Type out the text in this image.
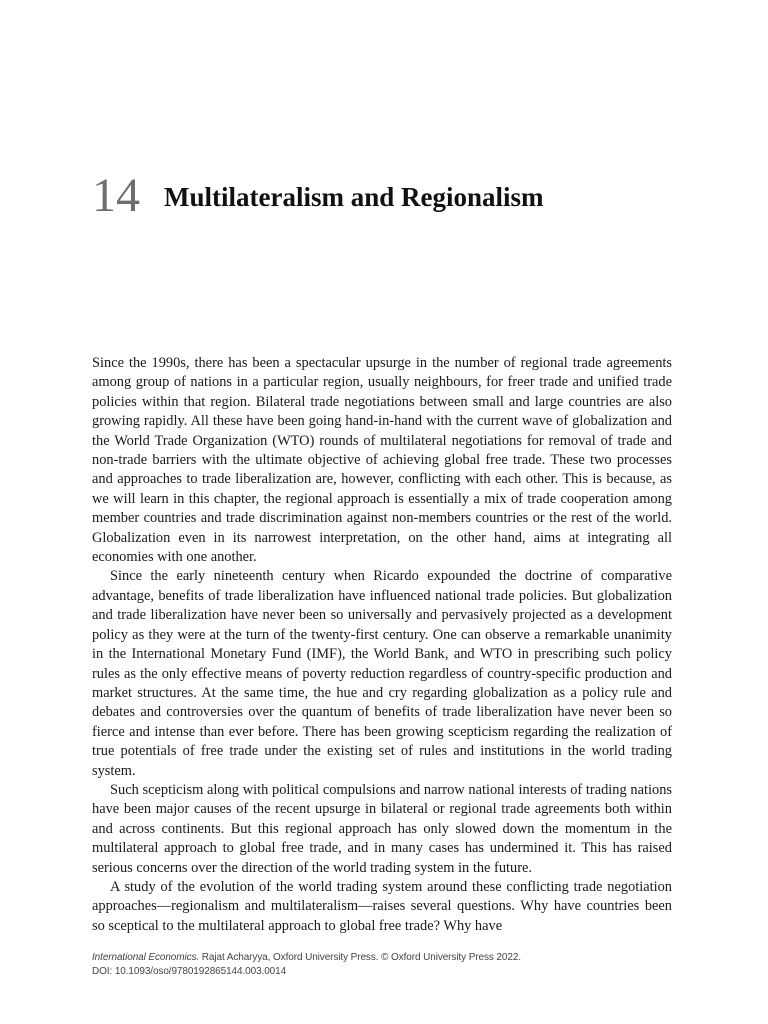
14 Multilateralism and Regionalism

Since the 1990s, there has been a spectacular upsurge in the number of regional trade agreements among group of nations in a particular region, usually neighbours, for freer trade and unified trade policies within that region. Bilateral trade negotiations between small and large countries are also growing rapidly. All these have been going hand-in-hand with the current wave of globalization and the World Trade Organization (WTO) rounds of multilateral negotiations for removal of trade and non-trade barriers with the ultimate objective of achieving global free trade. These two processes and approaches to trade liberalization are, however, conflicting with each other. This is because, as we will learn in this chapter, the regional approach is essentially a mix of trade cooperation among member countries and trade discrimination against non-members countries or the rest of the world. Globalization even in its narrowest interpretation, on the other hand, aims at integrating all economies with one another.

Since the early nineteenth century when Ricardo expounded the doctrine of comparative advantage, benefits of trade liberalization have influenced national trade policies. But globalization and trade liberalization have never been so universally and pervasively projected as a development policy as they were at the turn of the twenty-first century. One can observe a remarkable unanimity in the International Monetary Fund (IMF), the World Bank, and WTO in prescribing such policy rules as the only effective means of poverty reduction regardless of country-specific production and market structures. At the same time, the hue and cry regarding globalization as a policy rule and debates and controversies over the quantum of benefits of trade liberalization have never been so fierce and intense than ever before. There has been growing scepticism regarding the realization of true potentials of free trade under the existing set of rules and institutions in the world trading system.

Such scepticism along with political compulsions and narrow national interests of trading nations have been major causes of the recent upsurge in bilateral or regional trade agreements both within and across continents. But this regional approach has only slowed down the momentum in the multilateral approach to global free trade, and in many cases has undermined it. This has raised serious concerns over the direction of the world trading system in the future.

A study of the evolution of the world trading system around these conflicting trade negotiation approaches—regionalism and multilateralism—raises several questions. Why have countries been so sceptical to the multilateral approach to global free trade? Why have

International Economics. Rajat Acharyya, Oxford University Press. © Oxford University Press 2022.
DOI: 10.1093/oso/9780192865144.003.0014
